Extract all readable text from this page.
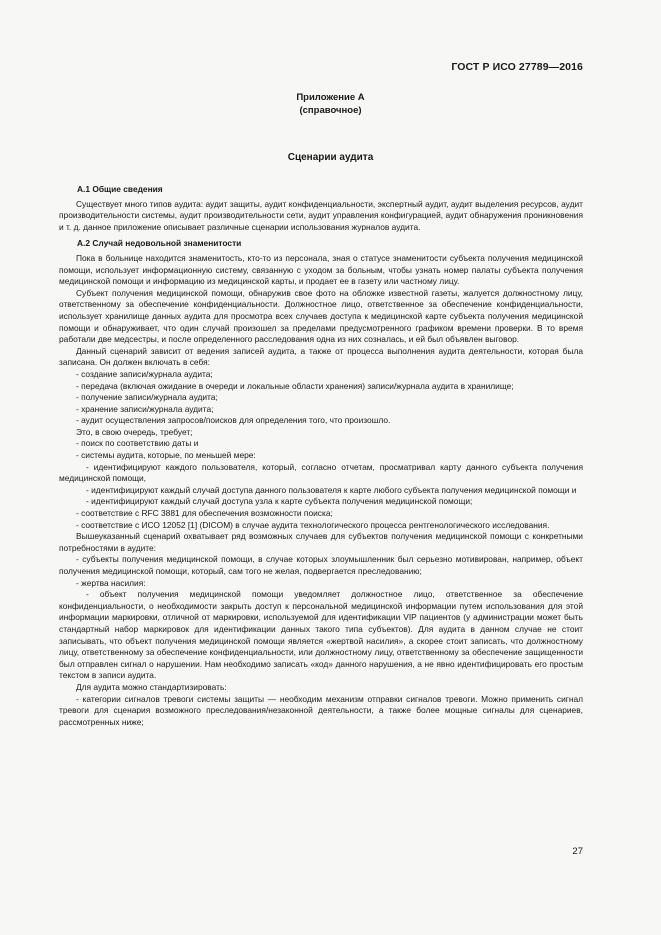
ГОСТ Р ИСО 27789—2016
Приложение А
(справочное)
Сценарии аудита

А.1 Общие сведения

Существует много типов аудита: аудит защиты, аудит конфиденциальности, экспертный аудит, аудит выделения ресурсов, аудит производительности системы, аудит производительности сети, аудит управления конфигурацией, аудит обнаружения проникновения и т. д. данное приложение описывает различные сценарии использования журналов аудита.

А.2 Случай недовольной знаменитости

Пока в больнице находится знаменитость, кто-то из персонала, зная о статусе знаменитости субъекта получения медицинской помощи, использует информационную систему, связанную с уходом за больным, чтобы узнать номер палаты субъекта получения медицинской помощи и информацию из медицинской карты, и продает ее в газету или частному лицу.

Субъект получения медицинской помощи, обнаружив свое фото на обложке известной газеты, жалуется должностному лицу, ответственному за обеспечение конфиденциальности. Должностное лицо, ответственное за обеспечение конфиденциальности, использует хранилище данных аудита для просмотра всех случаев доступа к медицинской карте субъекта получения медицинской помощи и обнаруживает, что один случай произошел за пределами предусмотренного графиком времени проверки. В то время работали две медсестры, и после определенного расследования одна из них созналась, и ей был объявлен выговор.

Данный сценарий зависит от ведения записей аудита, а также от процесса выполнения аудита деятельности, которая была записана. Он должен включать в себя:

- создание записи/журнала аудита;

- передача (включая ожидание в очереди и локальные области хранения) записи/журнала аудита в хранилище;

- получение записи/журнала аудита;

- хранение записи/журнала аудита;

- аудит осуществления запросов/поисков для определения того, что произошло.

Это, в свою очередь, требует;

- поиск по соответствию даты и

- системы аудита, которые, по меньшей мере:

- идентифицируют каждого пользователя, который, согласно отчетам, просматривал карту данного субъекта получения медицинской помощи,

- идентифицируют каждый случай доступа данного пользователя к карте любого субъекта получения медицинской помощи и

- идентифицируют каждый случай доступа узла к карте субъекта получения медицинской помощи;

- соответствие с RFC 3881 для обеспечения возможности поиска;

- соответствие с ИСО 12052 [1] (DICOM) в случае аудита технологического процесса рентгенологического исследования.

Вышеуказанный сценарий охватывает ряд возможных случаев для субъектов получения медицинской помощи с конкретными потребностями в аудите:

- субъекты получения медицинской помощи, в случае которых злоумышленник был серьезно мотивирован, например, объект получения медицинской помощи, который, сам того не желая, подвергается преследованию;

- жертва насилия:

- объект получения медицинской помощи уведомляет должностное лицо, ответственное за обеспечение конфиденциальности, о необходимости закрыть доступ к персональной медицинской информации путем использования для этой информации маркировки, отличной от маркировки, используемой для идентификации VIP пациентов (у администрации может быть стандартный набор маркировок для идентификации данных такого типа субъектов). Для аудита в данном случае не стоит записывать, что объект получения медицинской помощи является «жертвой насилия», а скорее стоит записать, что должностному лицу, ответственному за обеспечение конфиденциальности, или должностному лицу, ответственному за обеспечение защищенности был отправлен сигнал о нарушении. Нам необходимо записать «код» данного нарушения, а не явно идентифицировать его простым текстом в записи аудита.

Для аудита можно стандартизировать:

- категории сигналов тревоги системы защиты — необходим механизм отправки сигналов тревоги. Можно применить сигнал тревоги для сценария возможного преследования/незаконной деятельности, а также более мощные сигналы для сценариев, рассмотренных ниже;

27
